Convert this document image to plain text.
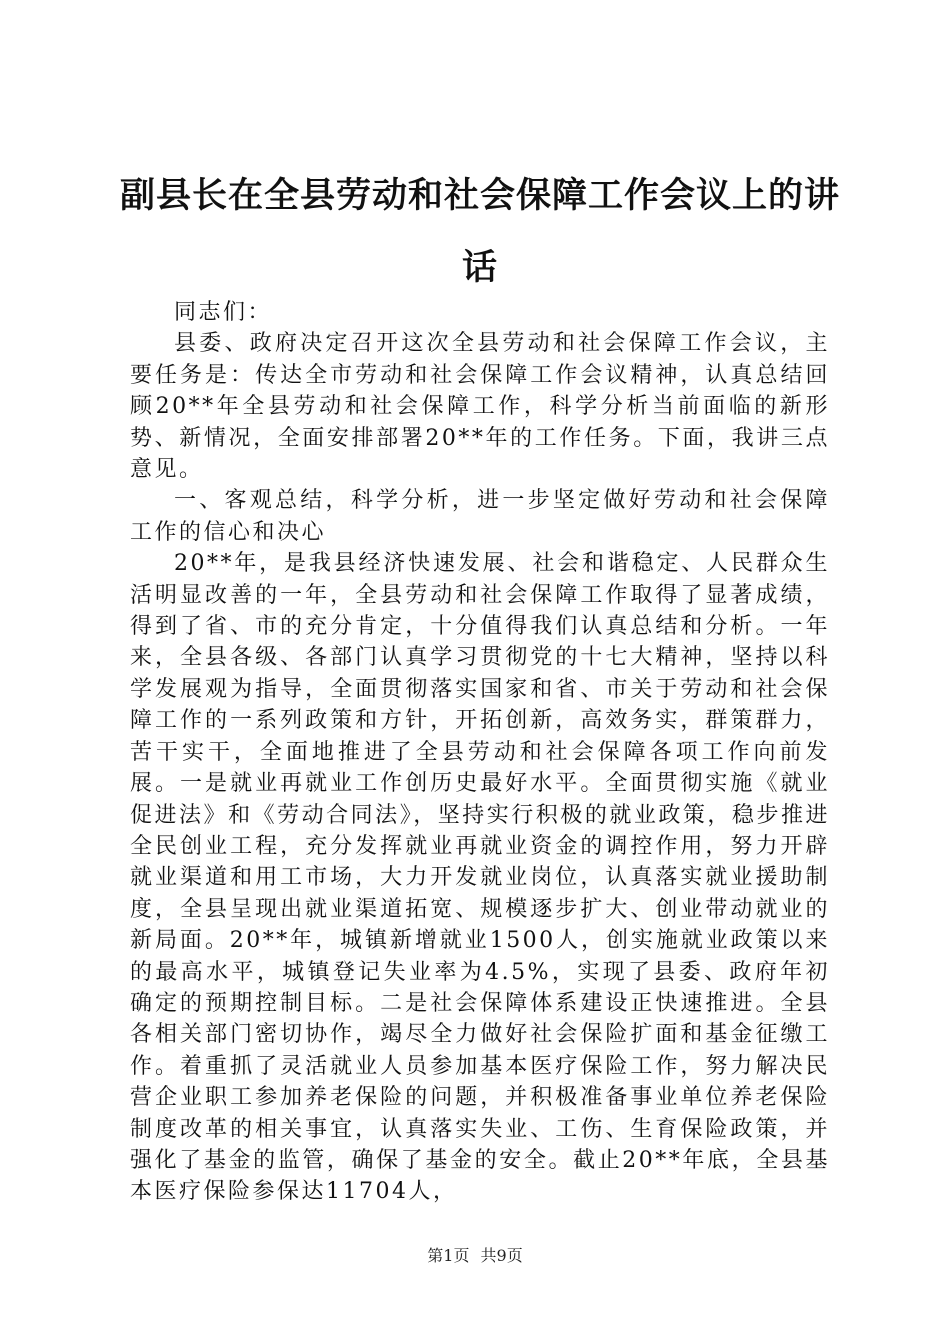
副县长在全县劳动和社会保障工作会议上的讲话

同志们：

县委、政府决定召开这次全县劳动和社会保障工作会议，主要任务是：传达全市劳动和社会保障工作会议精神，认真总结回顾20**年全县劳动和社会保障工作，科学分析当前面临的新形势、新情况，全面安排部署20**年的工作任务。下面，我讲三点意见。

一、客观总结，科学分析，进一步坚定做好劳动和社会保障工作的信心和决心

20**年，是我县经济快速发展、社会和谐稳定、人民群众生活明显改善的一年，全县劳动和社会保障工作取得了显著成绩，得到了省、市的充分肯定，十分值得我们认真总结和分析。一年来，全县各级、各部门认真学习贯彻党的十七大精神，坚持以科学发展观为指导，全面贯彻落实国家和省、市关于劳动和社会保障工作的一系列政策和方针，开拓创新，高效务实，群策群力，苦干实干，全面地推进了全县劳动和社会保障各项工作向前发展。一是就业再就业工作创历史最好水平。全面贯彻实施《就业促进法》和《劳动合同法》，坚持实行积极的就业政策，稳步推进全民创业工程，充分发挥就业再就业资金的调控作用，努力开辟就业渠道和用工市场，大力开发就业岗位，认真落实就业援助制度，全县呈现出就业渠道拓宽、规模逐步扩大、创业带动就业的新局面。20**年，城镇新增就业1500人，创实施就业政策以来的最高水平，城镇登记失业率为4.5%，实现了县委、政府年初确定的预期控制目标。二是社会保障体系建设正快速推进。全县各相关部门密切协作，竭尽全力做好社会保险扩面和基金征缴工作。着重抓了灵活就业人员参加基本医疗保险工作，努力解决民营企业职工参加养老保险的问题，并积极准备事业单位养老保险制度改革的相关事宜，认真落实失业、工伤、生育保险政策，并强化了基金的监管，确保了基金的安全。截止20**年底，全县基本医疗保险参保达11704人，

第1页 共9页
